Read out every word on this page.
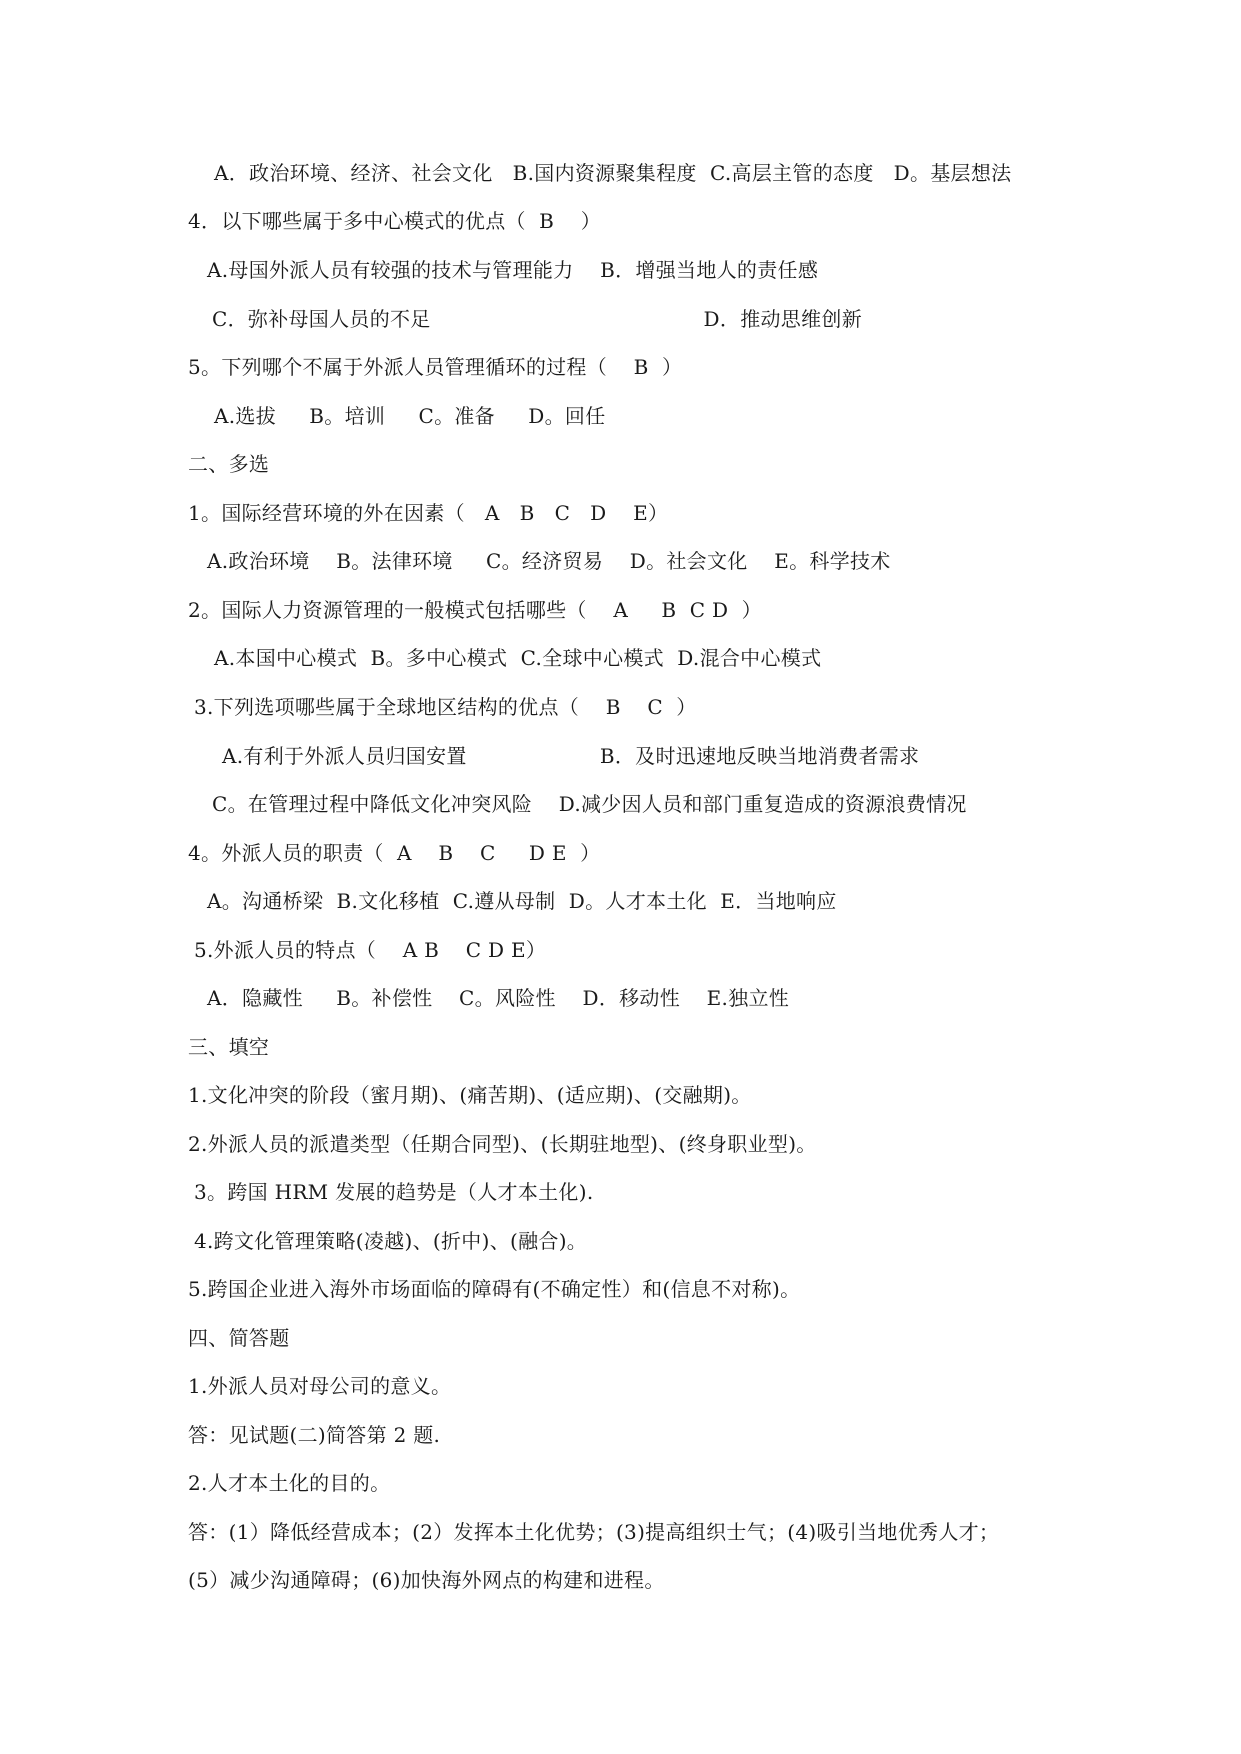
A．政治环境、经济、社会文化   B.国内资源聚集程度  C.高层主管的态度   D。基层想法
4．以下哪些属于多中心模式的优点（  B    ）
A.母国外派人员有较强的技术与管理能力    B．增强当地人的责任感
C．弥补母国人员的不足                                         D．推动思维创新
5。下列哪个不属于外派人员管理循环的过程（    B  ）
A.选拔     B。培训     C。准备     D。回任
二、多选
1。国际经营环境的外在因素（   A   B   C   D    E）
A.政治环境    B。法律环境     C。经济贸易    D。社会文化    E。科学技术
2。国际人力资源管理的一般模式包括哪些（    A     B  C D  ）
A.本国中心模式  B。多中心模式  C.全球中心模式  D.混合中心模式
3.下列选项哪些属于全球地区结构的优点（    B    C  ）
A.有利于外派人员归国安置                    B．及时迅速地反映当地消费者需求
C。在管理过程中降低文化冲突风险    D.减少因人员和部门重复造成的资源浪费情况
4。外派人员的职责（  A    B    C     D E  ）
A。沟通桥梁  B.文化移植  C.遵从母制  D。人才本土化  E．当地响应
5.外派人员的特点（    A B    C D E）
A．隐藏性     B。补偿性    C。风险性    D．移动性    E.独立性
三、填空
1.文化冲突的阶段（蜜月期)、(痛苦期)、(适应期)、(交融期)。
2.外派人员的派遣类型（任期合同型)、(长期驻地型)、(终身职业型)。
3。跨国 HRM 发展的趋势是（人才本土化).
4.跨文化管理策略(凌越)、(折中)、(融合)。
5.跨国企业进入海外市场面临的障碍有(不确定性）和(信息不对称)。
四、简答题
1.外派人员对母公司的意义。
答：见试题(二)简答第 2 题.
2.人才本土化的目的。
答：(1）降低经营成本；(2）发挥本土化优势；(3)提高组织士气；(4)吸引当地优秀人才；
(5）减少沟通障碍；(6)加快海外网点的构建和进程。
